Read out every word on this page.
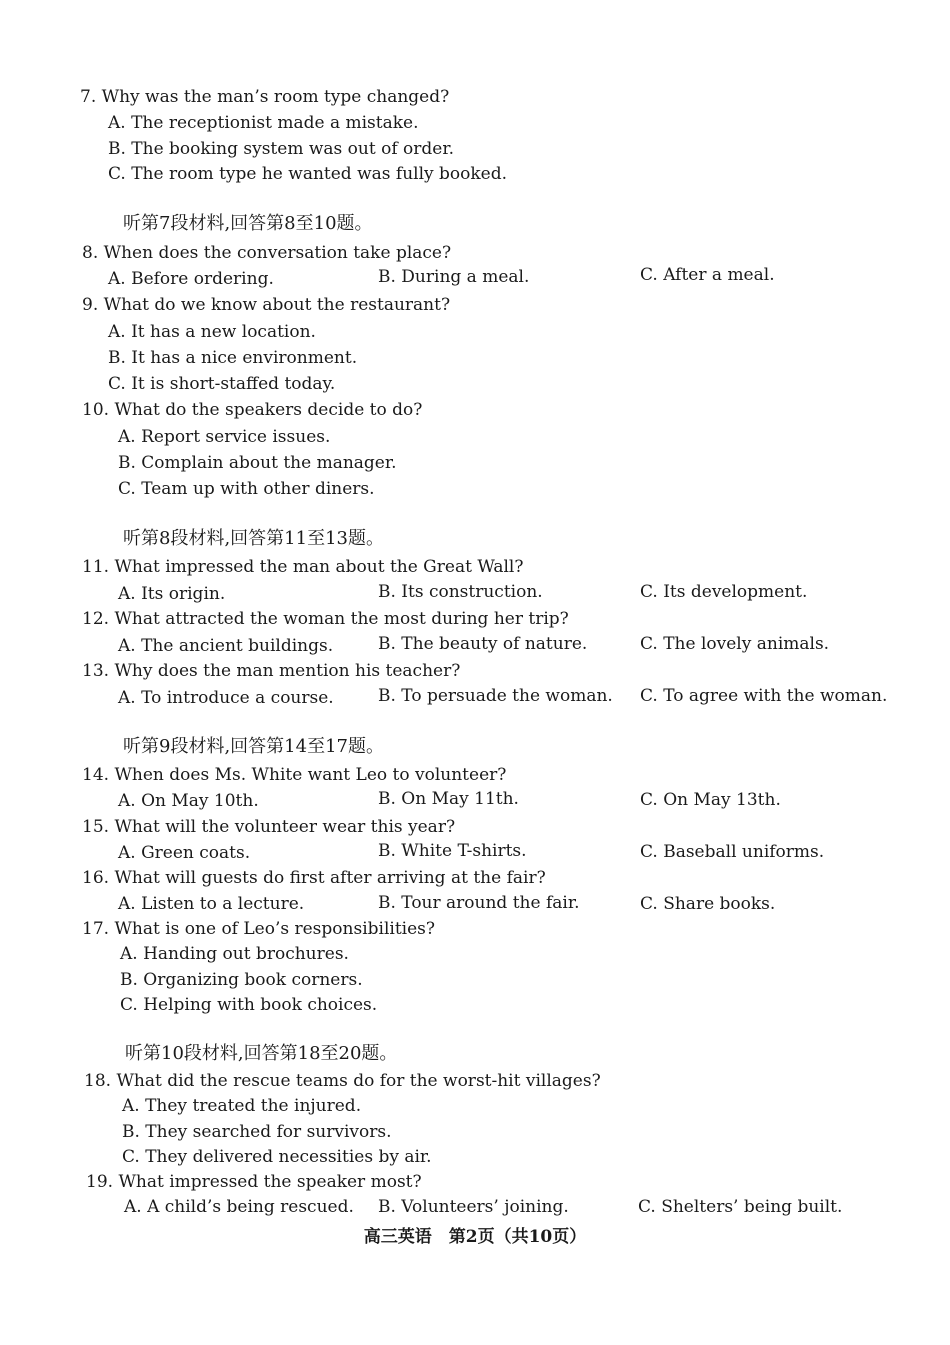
7. Why was the man’s room type changed?
A. The receptionist made a mistake.
B. The booking system was out of order.
C. The room type he wanted was fully booked.
听第7段材料,回答第8至10题。
8. When does the conversation take place?
A. Before ordering.	B. During a meal.	C. After a meal.
9. What do we know about the restaurant?
A. It has a new location.
B. It has a nice environment.
C. It is short-staffed today.
10. What do the speakers decide to do?
A. Report service issues.
B. Complain about the manager.
C. Team up with other diners.
听第8段材料,回答第11至13题。
11. What impressed the man about the Great Wall?
A. Its origin.	B. Its construction.	C. Its development.
12. What attracted the woman the most during her trip?
A. The ancient buildings.	B. The beauty of nature.	C. The lovely animals.
13. Why does the man mention his teacher?
A. To introduce a course.	B. To persuade the woman. C. To agree with the woman.
听第9段材料,回答第14至17题。
14. When does Ms. White want Leo to volunteer?
A. On May 10th.	B. On May 11th.	C. On May 13th.
15. What will the volunteer wear this year?
A. Green coats.	B. White T-shirts.	C. Baseball uniforms.
16. What will guests do first after arriving at the fair?
A. Listen to a lecture.	B. Tour around the fair.	C. Share books.
17. What is one of Leo’s responsibilities?
A. Handing out brochures.
B. Organizing book corners.
C. Helping with book choices.
听第10段材料,回答第18至20题。
18. What did the rescue teams do for the worst-hit villages?
A. They treated the injured.
B. They searched for survivors.
C. They delivered necessities by air.
19. What impressed the speaker most?
A. A child’s being rescued. B. Volunteers’ joining.	C. Shelters’ being built.
高三英语　第2页（共10页）
